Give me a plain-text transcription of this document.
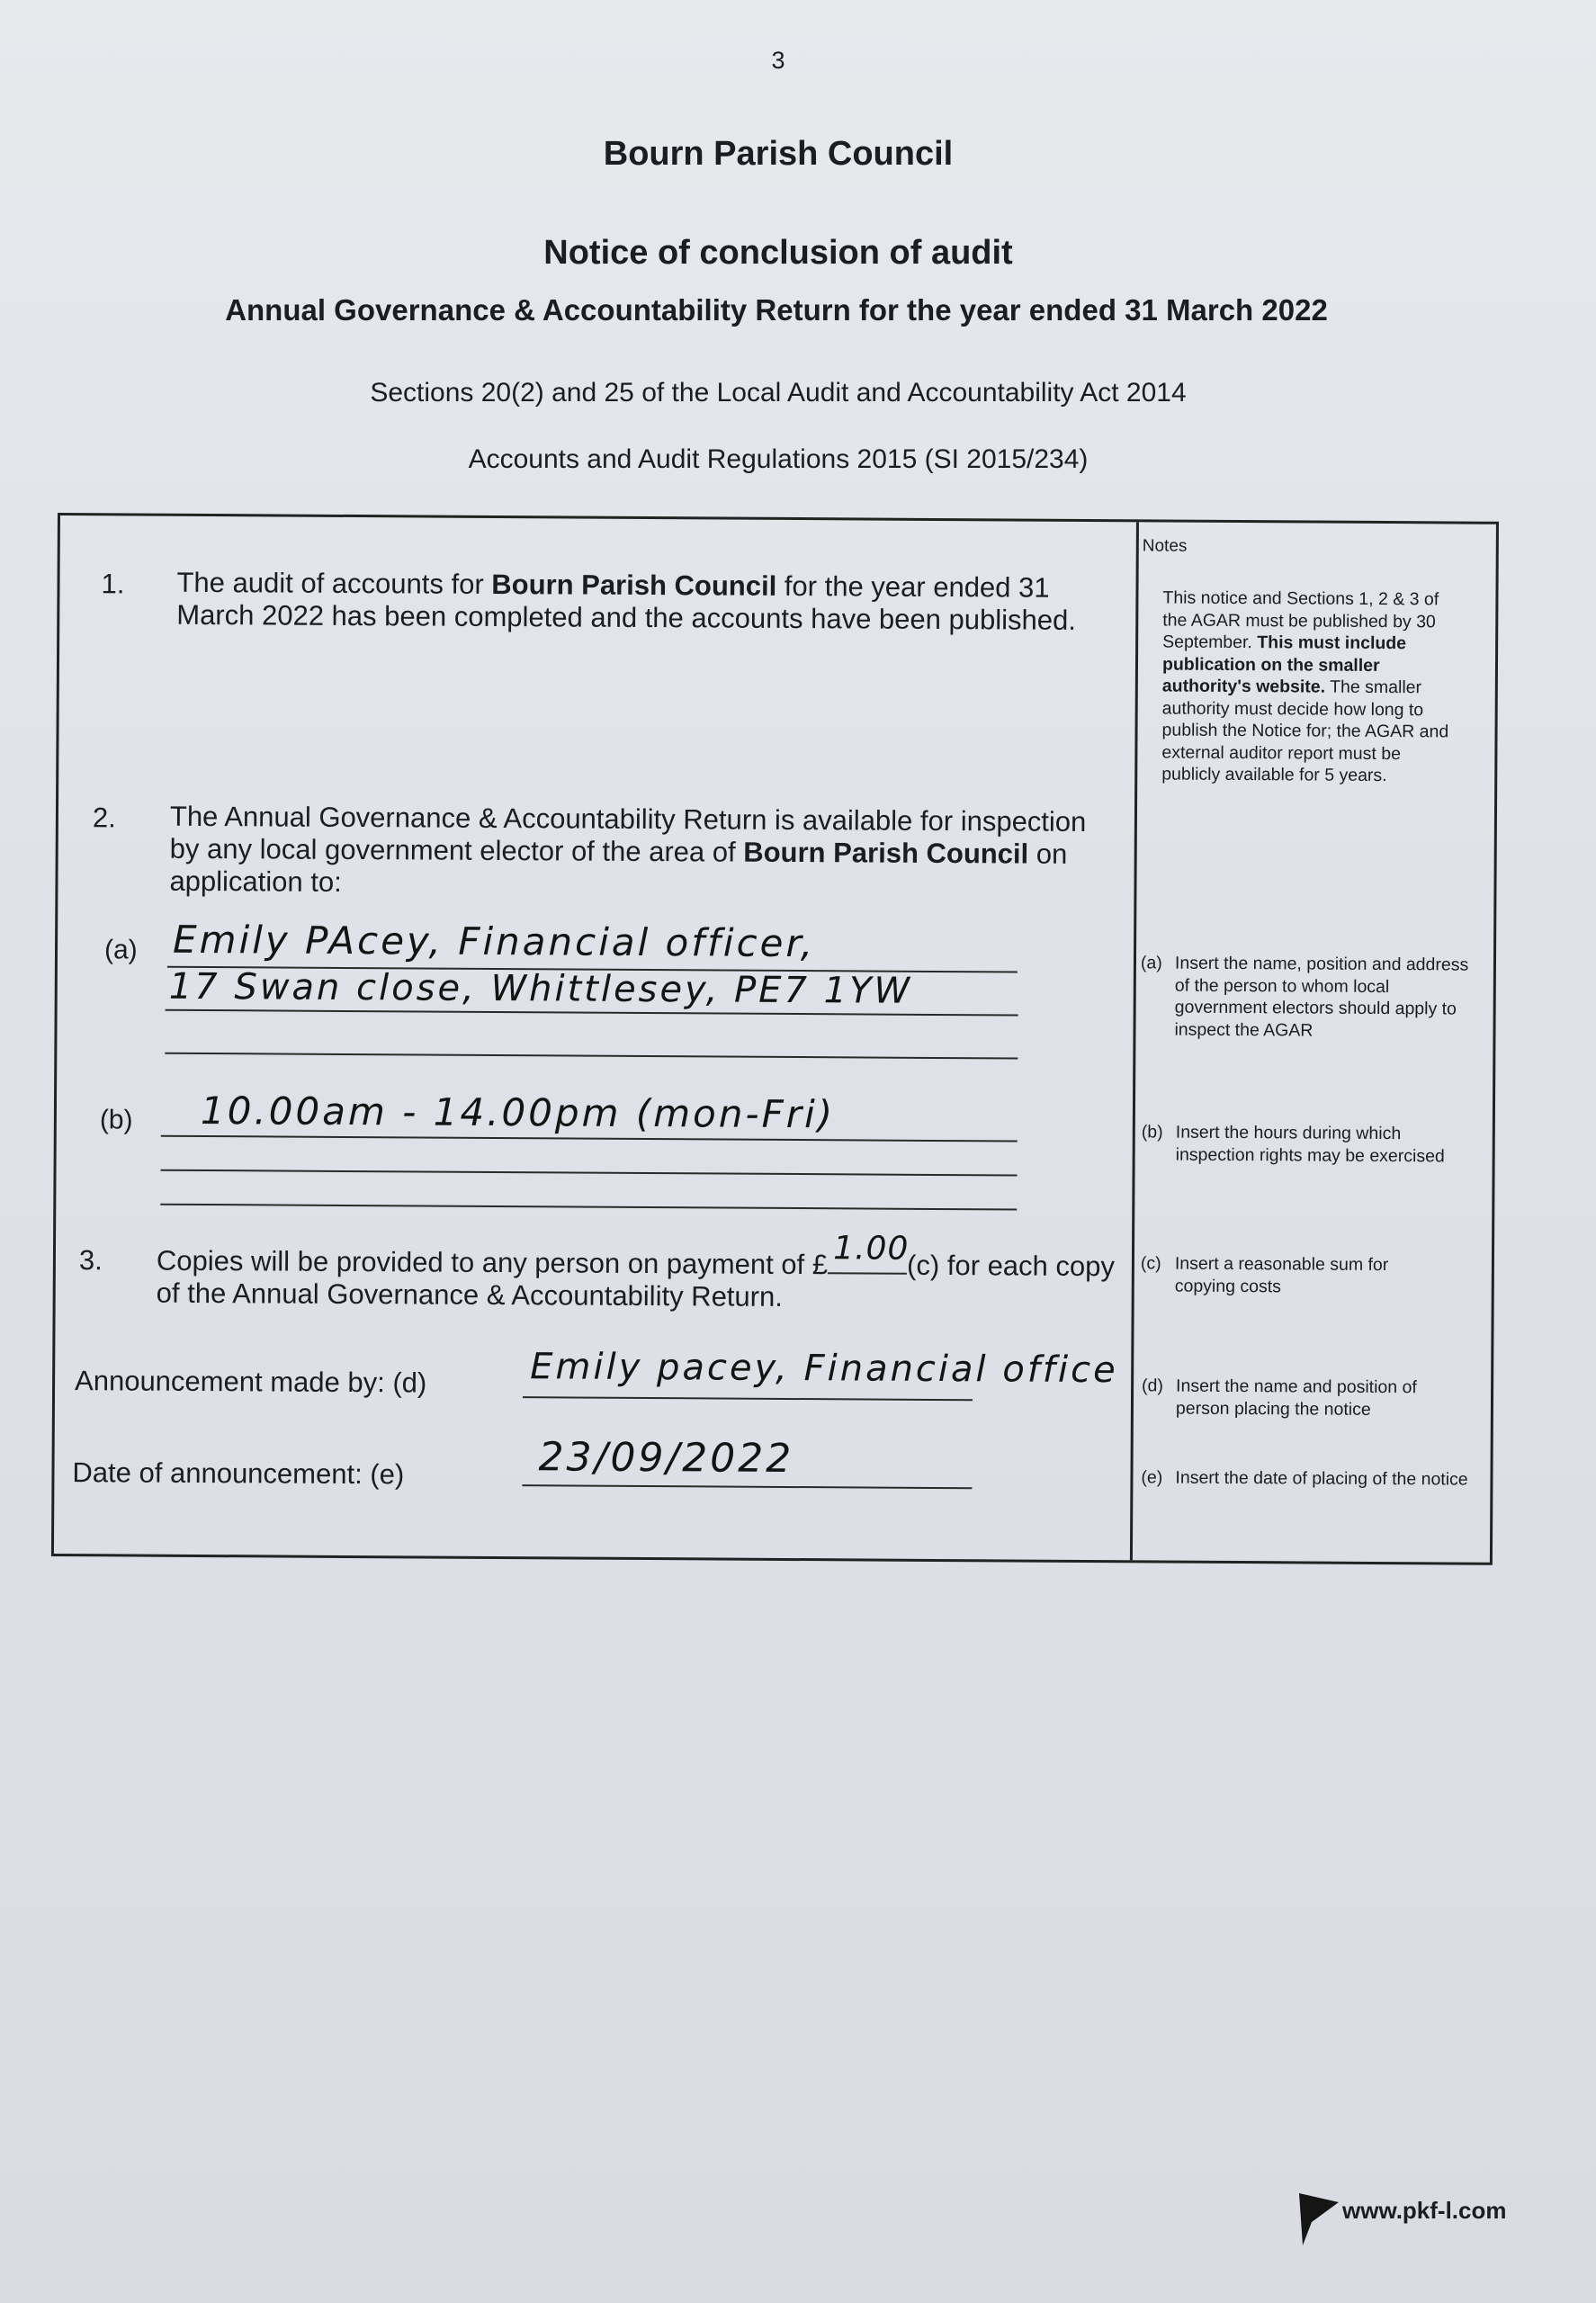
3
Bourn Parish Council
Notice of conclusion of audit
Annual Governance & Accountability Return for the year ended 31 March 2022
Sections 20(2) and 25 of the Local Audit and Accountability Act 2014
Accounts and Audit Regulations 2015 (SI 2015/234)
1. The audit of accounts for Bourn Parish Council for the year ended 31 March 2022 has been completed and the accounts have been published.
2. The Annual Governance & Accountability Return is available for inspection by any local government elector of the area of Bourn Parish Council on application to:
(a) Emily PAcey, Financial officer,
17 Swan close, Whittlesey, PE7 1YW
(b) 10.00am - 14.00pm (mon-Fri)
3. Copies will be provided to any person on payment of £ 1.00
(c) for each copy of the Annual Governance & Accountability Return.
Announcement made by: (d)	Emily pacey, Financial office
Date of announcement: (e)	23/09/2022
Notes
This notice and Sections 1, 2 & 3 of the AGAR must be published by 30 September. This must include publication on the smaller authority's website. The smaller authority must decide how long to publish the Notice for; the AGAR and external auditor report must be publicly available for 5 years.
(a) Insert the name, position and address of the person to whom local government electors should apply to inspect the AGAR
(b) Insert the hours during which inspection rights may be exercised
(c) Insert a reasonable sum for copying costs
(d) Insert the name and position of person placing the notice
(e) Insert the date of placing of the notice
www.pkf-l.com
